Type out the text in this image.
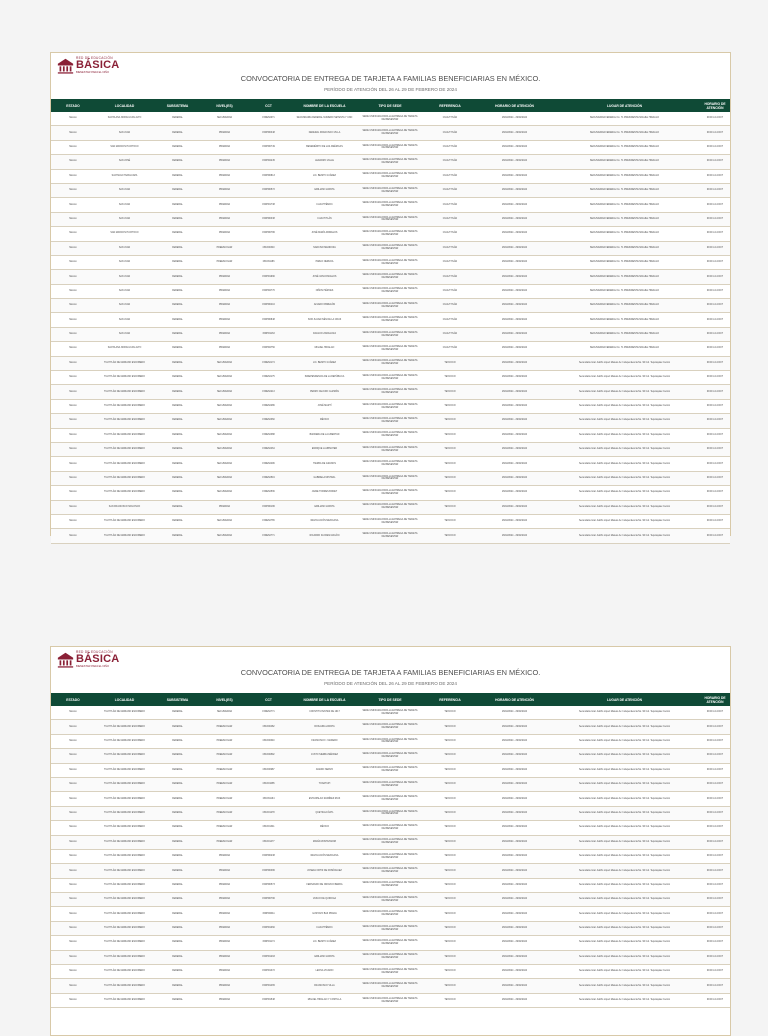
RED DE EDUCACIÓN
BÁSICA
BIENESTAR PARA EL NIÑO
CONVOCATORIA DE ENTREGA DE TARJETA A FAMILIAS BENEFICIARIAS EN MÉXICO.
PERÍODO DE ATENCIÓN DEL 26 AL 29 DE FEBRERO DE 2024
ESTADO	LOCALIDAD	SUBSISTEMA	NIVEL(ES)	CCT	NOMBRE DE LA ESCUELA	TIPO DE SEDE	REFERENCIA	HORARIO DE ATENCIÓN	LUGAR DE ATENCIÓN	HORARIO DE ATENCIÓN
México	SANTA ANA NOPALUCAN ALTO	FEDERAL	SECUNDARIA	15DES0071	SECUNDARIA FEDERAL NUMERO SETENTA Y UNO	SEDE UNIFICADA PARA LA ENTREGA DE TARJETA DE BIENESTAR	CUAUTITLÁN	26/02/2024 - 29/02/2024	SECUNDARIA FEDERAL No. 71 PRESIDENTE MIGUEL HIDALGO	09:00 A 14:00 H
México	SAN JUAN	FEDERAL	PRIMARIA	15DPR0348	FEDERAL FRANCISCO VILLA	SEDE UNIFICADA PARA LA ENTREGA DE TARJETA DE BIENESTAR	CUAUTITLÁN	26/02/2024 - 29/02/2024	SECUNDARIA FEDERAL No. 71 PRESIDENTE MIGUEL HIDALGO	09:00 A 14:00 H
México	SAN MARCOS HUIXTOCO	FEDERAL	PRIMARIA	15DPR0749	BENEMÉRITO DE LAS AMÉRICAS	SEDE UNIFICADA PARA LA ENTREGA DE TARJETA DE BIENESTAR	CUAUTITLÁN	26/02/2024 - 29/02/2024	SECUNDARIA FEDERAL No. 71 PRESIDENTE MIGUEL HIDALGO	09:00 A 14:00 H
México	SAN JOSÉ	FEDERAL	PRIMARIA	15DPR2245	LEANDRO VALLE	SEDE UNIFICADA PARA LA ENTREGA DE TARJETA DE BIENESTAR	CUAUTITLÁN	26/02/2024 - 29/02/2024	SECUNDARIA FEDERAL No. 71 PRESIDENTE MIGUEL HIDALGO	09:00 A 14:00 H
México	SANTIAGO TEPALCAPA	FEDERAL	PRIMARIA	15DPR0813	LIC. BENITO JUÁREZ	SEDE UNIFICADA PARA LA ENTREGA DE TARJETA DE BIENESTAR	CUAUTITLÁN	26/02/2024 - 29/02/2024	SECUNDARIA FEDERAL No. 71 PRESIDENTE MIGUEL HIDALGO	09:00 A 14:00 H
México	SAN JUAN	FEDERAL	PRIMARIA	15DPR0572	EMILIANO ZAPATA	SEDE UNIFICADA PARA LA ENTREGA DE TARJETA DE BIENESTAR	CUAUTITLÁN	26/02/2024 - 29/02/2024	SECUNDARIA FEDERAL No. 71 PRESIDENTE MIGUEL HIDALGO	09:00 A 14:00 H
México	SAN JUAN	FEDERAL	PRIMARIA	15DPR1738	CUAUHTÉMOC	SEDE UNIFICADA PARA LA ENTREGA DE TARJETA DE BIENESTAR	CUAUTITLÁN	26/02/2024 - 29/02/2024	SECUNDARIA FEDERAL No. 71 PRESIDENTE MIGUEL HIDALGO	09:00 A 14:00 H
México	SAN JUAN	FEDERAL	PRIMARIA	15DPR0338	CUAUTITLÁN	SEDE UNIFICADA PARA LA ENTREGA DE TARJETA DE BIENESTAR	CUAUTITLÁN	26/02/2024 - 29/02/2024	SECUNDARIA FEDERAL No. 71 PRESIDENTE MIGUEL HIDALGO	09:00 A 14:00 H
México	SAN MARCOS HUIXTOCO	FEDERAL	PRIMARIA	15DPR0786	JOSÉ MARÍA MORELOS	SEDE UNIFICADA PARA LA ENTREGA DE TARJETA DE BIENESTAR	CUAUTITLÁN	26/02/2024 - 29/02/2024	SECUNDARIA FEDERAL No. 71 PRESIDENTE MIGUEL HIDALGO	09:00 A 14:00 H
México	SAN JUAN	FEDERAL	PREESCOLAR	15DJN0340	NARCISO MENDOZA	SEDE UNIFICADA PARA LA ENTREGA DE TARJETA DE BIENESTAR	CUAUTITLÁN	26/02/2024 - 29/02/2024	SECUNDARIA FEDERAL No. 71 PRESIDENTE MIGUEL HIDALGO	09:00 A 14:00 H
México	SAN JUAN	FEDERAL	PREESCOLAR	15DJN1186	PABLO NERUDA	SEDE UNIFICADA PARA LA ENTREGA DE TARJETA DE BIENESTAR	CUAUTITLÁN	26/02/2024 - 29/02/2024	SECUNDARIA FEDERAL No. 71 PRESIDENTE MIGUEL HIDALGO	09:00 A 14:00 H
México	SAN JUAN	FEDERAL	PRIMARIA	15DPR1990	JOSÉ VASCONCELOS	SEDE UNIFICADA PARA LA ENTREGA DE TARJETA DE BIENESTAR	CUAUTITLÁN	26/02/2024 - 29/02/2024	SECUNDARIA FEDERAL No. 71 PRESIDENTE MIGUEL HIDALGO	09:00 A 14:00 H
México	SAN JUAN	FEDERAL	PRIMARIA	15DPR2770	NIÑOS HÉROES	SEDE UNIFICADA PARA LA ENTREGA DE TARJETA DE BIENESTAR	CUAUTITLÁN	26/02/2024 - 29/02/2024	SECUNDARIA FEDERAL No. 71 PRESIDENTE MIGUEL HIDALGO	09:00 A 14:00 H
México	SAN JUAN	FEDERAL	PRIMARIA	15DPR0416	ALVARO OBREGÓN	SEDE UNIFICADA PARA LA ENTREGA DE TARJETA DE BIENESTAR	CUAUTITLÁN	26/02/2024 - 29/02/2024	SECUNDARIA FEDERAL No. 71 PRESIDENTE MIGUEL HIDALGO	09:00 A 14:00 H
México	SAN JUAN	FEDERAL	PRIMARIA	15DPR0848	SOR JUANA INÉS DE LA CRUZ	SEDE UNIFICADA PARA LA ENTREGA DE TARJETA DE BIENESTAR	CUAUTITLÁN	26/02/2024 - 29/02/2024	SECUNDARIA FEDERAL No. 71 PRESIDENTE MIGUEL HIDALGO	09:00 A 14:00 H
México	SAN JUAN	FEDERAL	PRIMARIA	15DPR1163	IGNACIO ZARAGOZA	SEDE UNIFICADA PARA LA ENTREGA DE TARJETA DE BIENESTAR	CUAUTITLÁN	26/02/2024 - 29/02/2024	SECUNDARIA FEDERAL No. 71 PRESIDENTE MIGUEL HIDALGO	09:00 A 14:00 H
México	SANTA ANA NOPALUCAN ALTO	FEDERAL	PRIMARIA	15DPR2750	MIGUEL HIDALGO	SEDE UNIFICADA PARA LA ENTREGA DE TARJETA DE BIENESTAR	CUAUTITLÁN	26/02/2024 - 29/02/2024	SECUNDARIA FEDERAL No. 71 PRESIDENTE MIGUEL HIDALGO	09:00 A 14:00 H
México	TULTITLÁN DE MARIANO ESCOBEDO	FEDERAL	SECUNDARIA	15DES0174	LIC. BENITO JUÁREZ	SEDE UNIFICADA PARA LA ENTREGA DE TARJETA DE BIENESTAR	TEXCOCO	26/02/2024 - 29/02/2024	Secundaria Gral. Adolfo López Mateos Av. Independencia No. 90 Col. Tequisquiac Centro	09:00 A 14:00 H
México	TULTITLÁN DE MARIANO ESCOBEDO	FEDERAL	SECUNDARIA	15DES0175	INDEPENDENCIA DE LA REPÚBLICA	SEDE UNIFICADA PARA LA ENTREGA DE TARJETA DE BIENESTAR	TEXCOCO	26/02/2024 - 29/02/2024	Secundaria Gral. Adolfo López Mateos Av. Independencia No. 90 Col. Tequisquiac Centro	09:00 A 14:00 H
México	TULTITLÁN DE MARIANO ESCOBEDO	FEDERAL	SECUNDARIA	15DES0213	PEDRO CEJUDO GUZMÁN	SEDE UNIFICADA PARA LA ENTREGA DE TARJETA DE BIENESTAR	TEXCOCO	26/02/2024 - 29/02/2024	Secundaria Gral. Adolfo López Mateos Av. Independencia No. 90 Col. Tequisquiac Centro	09:00 A 14:00 H
México	TULTITLÁN DE MARIANO ESCOBEDO	FEDERAL	SECUNDARIA	15DES0286	JOSÉ MARTÍ	SEDE UNIFICADA PARA LA ENTREGA DE TARJETA DE BIENESTAR	TEXCOCO	26/02/2024 - 29/02/2024	Secundaria Gral. Adolfo López Mateos Av. Independencia No. 90 Col. Tequisquiac Centro	09:00 A 14:00 H
México	TULTITLÁN DE MARIANO ESCOBEDO	FEDERAL	SECUNDARIA	15DES0360	MÉXICO	SEDE UNIFICADA PARA LA ENTREGA DE TARJETA DE BIENESTAR	TEXCOCO	26/02/2024 - 29/02/2024	Secundaria Gral. Adolfo López Mateos Av. Independencia No. 90 Col. Tequisquiac Centro	09:00 A 14:00 H
México	TULTITLÁN DE MARIANO ESCOBEDO	FEDERAL	SECUNDARIA	15DES0388	BANDERA DE LA LIBERTAD	SEDE UNIFICADA PARA LA ENTREGA DE TARJETA DE BIENESTAR	TEXCOCO	26/02/2024 - 29/02/2024	Secundaria Gral. Adolfo López Mateos Av. Independencia No. 90 Col. Tequisquiac Centro	09:00 A 14:00 H
México	TULTITLÁN DE MARIANO ESCOBEDO	FEDERAL	SECUNDARIA	15DES0464	ENRIQUE LAUBSCHER	SEDE UNIFICADA PARA LA ENTREGA DE TARJETA DE BIENESTAR	TEXCOCO	26/02/2024 - 29/02/2024	Secundaria Gral. Adolfo López Mateos Av. Independencia No. 90 Col. Tequisquiac Centro	09:00 A 14:00 H
México	TULTITLÁN DE MARIANO ESCOBEDO	FEDERAL	SECUNDARIA	15DES0496	TIERRA DE GRANOS	SEDE UNIFICADA PARA LA ENTREGA DE TARJETA DE BIENESTAR	TEXCOCO	26/02/2024 - 29/02/2024	Secundaria Gral. Adolfo López Mateos Av. Independencia No. 90 Col. Tequisquiac Centro	09:00 A 14:00 H
México	TULTITLÁN DE MARIANO ESCOBEDO	FEDERAL	SECUNDARIA	15DES0519	GABRIELA MISTRAL	SEDE UNIFICADA PARA LA ENTREGA DE TARJETA DE BIENESTAR	TEXCOCO	26/02/2024 - 29/02/2024	Secundaria Gral. Adolfo López Mateos Av. Independencia No. 90 Col. Tequisquiac Centro	09:00 A 14:00 H
México	TULTITLÁN DE MARIANO ESCOBEDO	FEDERAL	SECUNDARIA	15DES0536	JAIME TORRES BODET	SEDE UNIFICADA PARA LA ENTREGA DE TARJETA DE BIENESTAR	TEXCOCO	26/02/2024 - 29/02/2024	Secundaria Gral. Adolfo López Mateos Av. Independencia No. 90 Col. Tequisquiac Centro	09:00 A 14:00 H
México	SAN FRANCISCO MOLONCO	FEDERAL	PRIMARIA	15DPR0186	EMILIANO ZAPATA	SEDE UNIFICADA PARA LA ENTREGA DE TARJETA DE BIENESTAR	TEXCOCO	26/02/2024 - 29/02/2024	Secundaria Gral. Adolfo López Mateos Av. Independencia No. 90 Col. Tequisquiac Centro	09:00 A 14:00 H
México	TULTITLÁN DE MARIANO ESCOBEDO	FEDERAL	SECUNDARIA	15DES0765	REVOLUCIÓN MEXICANA	SEDE UNIFICADA PARA LA ENTREGA DE TARJETA DE BIENESTAR	TEXCOCO	26/02/2024 - 29/02/2024	Secundaria Gral. Adolfo López Mateos Av. Independencia No. 90 Col. Tequisquiac Centro	09:00 A 14:00 H
México	TULTITLÁN DE MARIANO ESCOBEDO	FEDERAL	SECUNDARIA	15DES0771	RICARDO FLORES MAGÓN	SEDE UNIFICADA PARA LA ENTREGA DE TARJETA DE BIENESTAR	TEXCOCO	26/02/2024 - 29/02/2024	Secundaria Gral. Adolfo López Mateos Av. Independencia No. 90 Col. Tequisquiac Centro	09:00 A 14:00 H
RED DE EDUCACIÓN
BÁSICA
BIENESTAR PARA EL NIÑO
CONVOCATORIA DE ENTREGA DE TARJETA A FAMILIAS BENEFICIARIAS EN MÉXICO.
PERÍODO DE ATENCIÓN DEL 26 AL 29 DE FEBRERO DE 2024
ESTADO	LOCALIDAD	SUBSISTEMA	NIVEL(ES)	CCT	NOMBRE DE LA ESCUELA	TIPO DE SEDE	REFERENCIA	HORARIO DE ATENCIÓN	LUGAR DE ATENCIÓN	HORARIO DE ATENCIÓN
México	TULTITLÁN DE MARIANO ESCOBEDO	FEDERAL	SECUNDARIA	15DES0771	CONSTITUYENTES DE 1917	SEDE UNIFICADA PARA LA ENTREGA DE TARJETA DE BIENESTAR	TEXCOCO	26/02/2024 - 29/02/2024	Secundaria Gral. Adolfo López Mateos Av. Independencia No. 90 Col. Tequisquiac Centro	09:00 A 14:00 H
México	TULTITLÁN DE MARIANO ESCOBEDO	FEDERAL	PREESCOLAR	15DJN0482	ROSAURA ZAPATA	SEDE UNIFICADA PARA LA ENTREGA DE TARJETA DE BIENESTAR	TEXCOCO	26/02/2024 - 29/02/2024	Secundaria Gral. Adolfo López Mateos Av. Independencia No. 90 Col. Tequisquiac Centro	09:00 A 14:00 H
México	TULTITLÁN DE MARIANO ESCOBEDO	FEDERAL	PREESCOLAR	15DJN0640	FRANCISCO I. MADERO	SEDE UNIFICADA PARA LA ENTREGA DE TARJETA DE BIENESTAR	TEXCOCO	26/02/2024 - 29/02/2024	Secundaria Gral. Adolfo López Mateos Av. Independencia No. 90 Col. Tequisquiac Centro	09:00 A 14:00 H
México	TULTITLÁN DE MARIANO ESCOBEDO	FEDERAL	PREESCOLAR	15DJN0802	JUSTO SIERRA MÉNDEZ	SEDE UNIFICADA PARA LA ENTREGA DE TARJETA DE BIENESTAR	TEXCOCO	26/02/2024 - 29/02/2024	Secundaria Gral. Adolfo López Mateos Av. Independencia No. 90 Col. Tequisquiac Centro	09:00 A 14:00 H
México	TULTITLÁN DE MARIANO ESCOBEDO	FEDERAL	PREESCOLAR	15DJN0987	AMADO NERVO	SEDE UNIFICADA PARA LA ENTREGA DE TARJETA DE BIENESTAR	TEXCOCO	26/02/2024 - 29/02/2024	Secundaria Gral. Adolfo López Mateos Av. Independencia No. 90 Col. Tequisquiac Centro	09:00 A 14:00 H
México	TULTITLÁN DE MARIANO ESCOBEDO	FEDERAL	PREESCOLAR	15DJN1085	TONATIUH	SEDE UNIFICADA PARA LA ENTREGA DE TARJETA DE BIENESTAR	TEXCOCO	26/02/2024 - 29/02/2024	Secundaria Gral. Adolfo López Mateos Av. Independencia No. 90 Col. Tequisquiac Centro	09:00 A 14:00 H
México	TULTITLÁN DE MARIANO ESCOBEDO	FEDERAL	PREESCOLAR	15DJN1164	ESTANISLAO RAMÍREZ RUIZ	SEDE UNIFICADA PARA LA ENTREGA DE TARJETA DE BIENESTAR	TEXCOCO	26/02/2024 - 29/02/2024	Secundaria Gral. Adolfo López Mateos Av. Independencia No. 90 Col. Tequisquiac Centro	09:00 A 14:00 H
México	TULTITLÁN DE MARIANO ESCOBEDO	FEDERAL	PREESCOLAR	15DJN1278	QUETZALCÓATL	SEDE UNIFICADA PARA LA ENTREGA DE TARJETA DE BIENESTAR	TEXCOCO	26/02/2024 - 29/02/2024	Secundaria Gral. Adolfo López Mateos Av. Independencia No. 90 Col. Tequisquiac Centro	09:00 A 14:00 H
México	TULTITLÁN DE MARIANO ESCOBEDO	FEDERAL	PREESCOLAR	15DJN1341	MÉXICO	SEDE UNIFICADA PARA LA ENTREGA DE TARJETA DE BIENESTAR	TEXCOCO	26/02/2024 - 29/02/2024	Secundaria Gral. Adolfo López Mateos Av. Independencia No. 90 Col. Tequisquiac Centro	09:00 A 14:00 H
México	TULTITLÁN DE MARIANO ESCOBEDO	FEDERAL	PREESCOLAR	15DJN1477	MARÍA MONTESSORI	SEDE UNIFICADA PARA LA ENTREGA DE TARJETA DE BIENESTAR	TEXCOCO	26/02/2024 - 29/02/2024	Secundaria Gral. Adolfo López Mateos Av. Independencia No. 90 Col. Tequisquiac Centro	09:00 A 14:00 H
México	TULTITLÁN DE MARIANO ESCOBEDO	FEDERAL	PRIMARIA	15DPR0238	REVOLUCIÓN MEXICANA	SEDE UNIFICADA PARA LA ENTREGA DE TARJETA DE BIENESTAR	TEXCOCO	26/02/2024 - 29/02/2024	Secundaria Gral. Adolfo López Mateos Av. Independencia No. 90 Col. Tequisquiac Centro	09:00 A 14:00 H
México	TULTITLÁN DE MARIANO ESCOBEDO	FEDERAL	PRIMARIA	15DPR0386	JOSEFA ORTIZ DE DOMÍNGUEZ	SEDE UNIFICADA PARA LA ENTREGA DE TARJETA DE BIENESTAR	TEXCOCO	26/02/2024 - 29/02/2024	Secundaria Gral. Adolfo López Mateos Av. Independencia No. 90 Col. Tequisquiac Centro	09:00 A 14:00 H
México	TULTITLÁN DE MARIANO ESCOBEDO	FEDERAL	PRIMARIA	15DPR0573	FERNANDO DE OROZCO BERRA	SEDE UNIFICADA PARA LA ENTREGA DE TARJETA DE BIENESTAR	TEXCOCO	26/02/2024 - 29/02/2024	Secundaria Gral. Adolfo López Mateos Av. Independencia No. 90 Col. Tequisquiac Centro	09:00 A 14:00 H
México	TULTITLÁN DE MARIANO ESCOBEDO	FEDERAL	PRIMARIA	15DPR0796	VASCO DE QUIROGA	SEDE UNIFICADA PARA LA ENTREGA DE TARJETA DE BIENESTAR	TEXCOCO	26/02/2024 - 29/02/2024	Secundaria Gral. Adolfo López Mateos Av. Independencia No. 90 Col. Tequisquiac Centro	09:00 A 14:00 H
México	TULTITLÁN DE MARIANO ESCOBEDO	FEDERAL	PRIMARIA	15DPR0911	GUSTAVO BAZ PRADA	SEDE UNIFICADA PARA LA ENTREGA DE TARJETA DE BIENESTAR	TEXCOCO	26/02/2024 - 29/02/2024	Secundaria Gral. Adolfo López Mateos Av. Independencia No. 90 Col. Tequisquiac Centro	09:00 A 14:00 H
México	TULTITLÁN DE MARIANO ESCOBEDO	FEDERAL	PRIMARIA	15DPR1060	CUAUHTÉMOC	SEDE UNIFICADA PARA LA ENTREGA DE TARJETA DE BIENESTAR	TEXCOCO	26/02/2024 - 29/02/2024	Secundaria Gral. Adolfo López Mateos Av. Independencia No. 90 Col. Tequisquiac Centro	09:00 A 14:00 H
México	TULTITLÁN DE MARIANO ESCOBEDO	FEDERAL	PRIMARIA	15DPR1174	LIC. BENITO JUÁREZ	SEDE UNIFICADA PARA LA ENTREGA DE TARJETA DE BIENESTAR	TEXCOCO	26/02/2024 - 29/02/2024	Secundaria Gral. Adolfo López Mateos Av. Independencia No. 90 Col. Tequisquiac Centro	09:00 A 14:00 H
México	TULTITLÁN DE MARIANO ESCOBEDO	FEDERAL	PRIMARIA	15DPR1293	EMILIANO ZAPATA	SEDE UNIFICADA PARA LA ENTREGA DE TARJETA DE BIENESTAR	TEXCOCO	26/02/2024 - 29/02/2024	Secundaria Gral. Adolfo López Mateos Av. Independencia No. 90 Col. Tequisquiac Centro	09:00 A 14:00 H
México	TULTITLÁN DE MARIANO ESCOBEDO	FEDERAL	PRIMARIA	15DPR1372	LEONA VICARIO	SEDE UNIFICADA PARA LA ENTREGA DE TARJETA DE BIENESTAR	TEXCOCO	26/02/2024 - 29/02/2024	Secundaria Gral. Adolfo López Mateos Av. Independencia No. 90 Col. Tequisquiac Centro	09:00 A 14:00 H
México	TULTITLÁN DE MARIANO ESCOBEDO	FEDERAL	PRIMARIA	15DPR1465	FRANCISCO VILLA	SEDE UNIFICADA PARA LA ENTREGA DE TARJETA DE BIENESTAR	TEXCOCO	26/02/2024 - 29/02/2024	Secundaria Gral. Adolfo López Mateos Av. Independencia No. 90 Col. Tequisquiac Centro	09:00 A 14:00 H
México	TULTITLÁN DE MARIANO ESCOBEDO	FEDERAL	PRIMARIA	15DPR1548	MIGUEL HIDALGO Y COSTILLA	SEDE UNIFICADA PARA LA ENTREGA DE TARJETA DE BIENESTAR	TEXCOCO	26/02/2024 - 29/02/2024	Secundaria Gral. Adolfo López Mateos Av. Independencia No. 90 Col. Tequisquiac Centro	09:00 A 14:00 H
